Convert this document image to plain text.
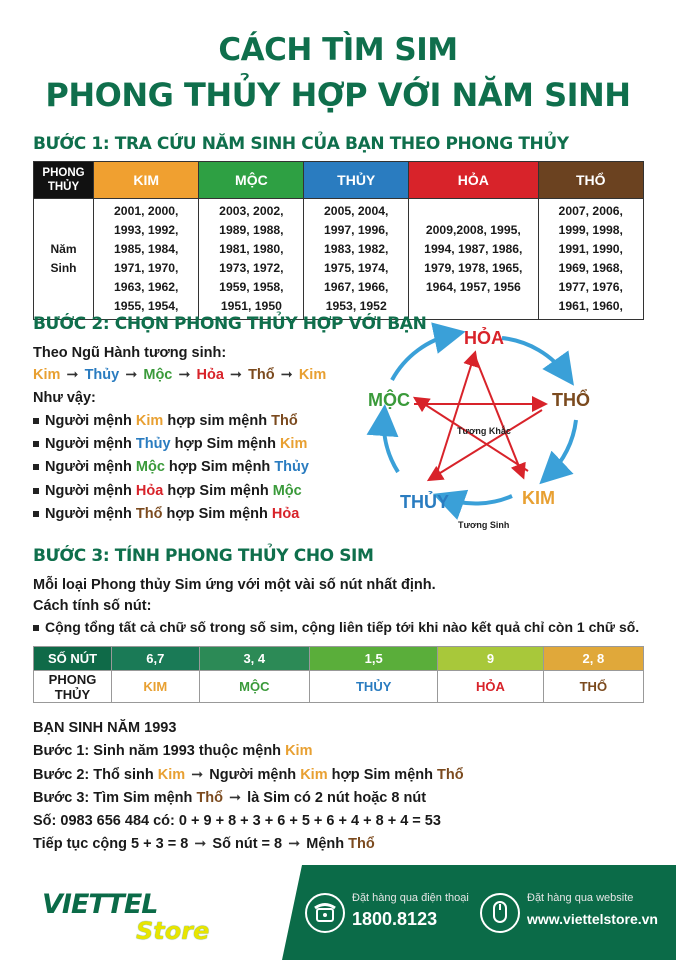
CÁCH TÌM SIM
PHONG THỦY HỢP VỚI NĂM SINH
BƯỚC 1: TRA CỨU NĂM SINH CỦA BẠN THEO PHONG THỦY
PHONG THỦY	KIM	MỘC	THỦY	HỎA	THỔ
Năm Sinh	2001, 2000, 1993, 1992, 1985, 1984, 1971, 1970, 1963, 1962, 1955, 1954,	2003, 2002, 1989, 1988, 1981, 1980, 1973, 1972, 1959, 1958, 1951, 1950	2005, 2004, 1997, 1996, 1983, 1982, 1975, 1974, 1967, 1966, 1953, 1952	2009,2008, 1995, 1994, 1987, 1986, 1979, 1978, 1965, 1964, 1957, 1956	2007, 2006, 1999, 1998, 1991, 1990, 1969, 1968, 1977, 1976, 1961, 1960,
BƯỚC 2: CHỌN PHONG THỦY HỢP VỚI BẠN
Theo Ngũ Hành tương sinh:
Kim ➞ Thủy ➞ Mộc ➞ Hỏa ➞ Thổ ➞ Kim
Như vậy:
Người mệnh Kim hợp sim mệnh Thổ
Người mệnh Thủy hợp Sim mệnh Kim
Người mệnh Mộc hợp Sim mệnh Thủy
Người mệnh Hỏa hợp Sim mệnh Mộc
Người mệnh Thổ hợp Sim mệnh Hỏa
HỎA
THỔ
KIM
THỦY
MỘC
Tương Khắc
Tương Sinh
BƯỚC 3: TÍNH PHONG THỦY CHO SIM
Mỗi loại Phong thủy Sim ứng với một vài số nút nhất định.
Cách tính số nút:
Cộng tổng tất cả chữ số trong số sim, cộng liên tiếp tới khi nào kết quả chỉ còn 1 chữ số.
SỐ NÚT	6,7	3, 4	1,5	9	2, 8
PHONG THỦY	KIM	MỘC	THỦY	HỎA	THỔ
BẠN SINH NĂM 1993
Bước 1: Sinh năm 1993 thuộc mệnh Kim
Bước 2: Thổ sinh Kim ➞ Người mệnh Kim hợp Sim mệnh Thổ
Bước 3: Tìm Sim mệnh Thổ ➞ là Sim có 2 nút hoặc 8 nút
Số: 0983 656 484 có: 0 + 9 + 8 + 3 + 6 + 5 + 6 + 4 + 8 + 4 = 53
Tiếp tục cộng 5 + 3 = 8 ➞ Số nút = 8 ➞ Mệnh Thổ
VIETTEL
Store
Đặt hàng qua điện thoại
1800.8123
Đặt hàng qua website
www.viettelstore.vn
